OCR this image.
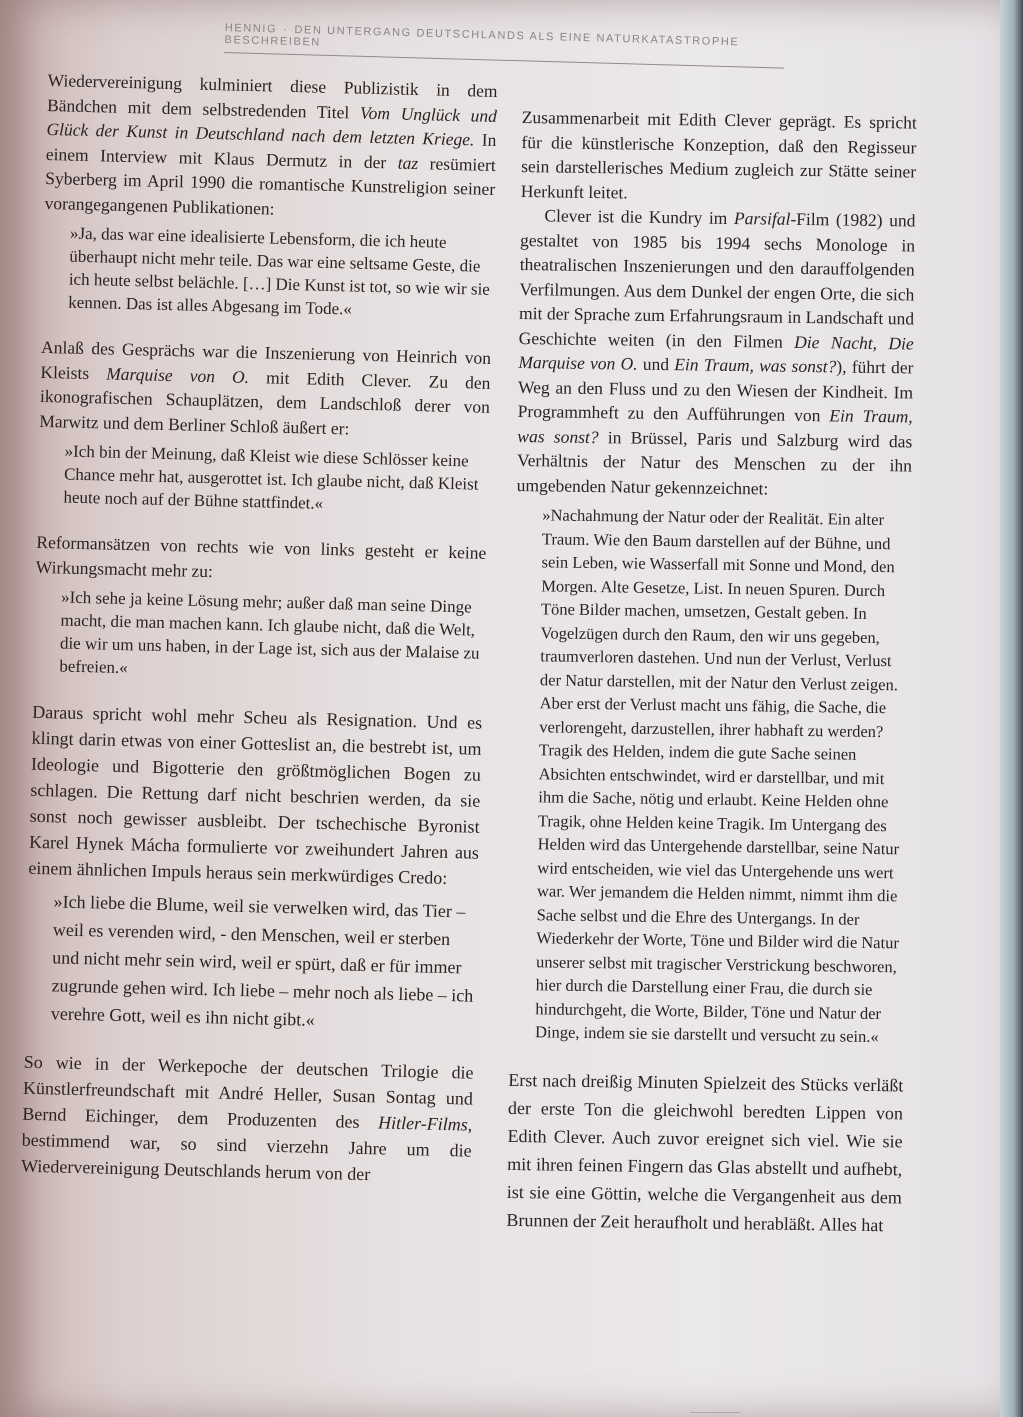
HENNIG · DEN UNTERGANG DEUTSCHLANDS ALS EINE NATURKATASTROPHE BESCHREIBEN

Wiedervereinigung kulminiert diese Publizistik in dem Bändchen mit dem selbstredenden Titel Vom Unglück und Glück der Kunst in Deutschland nach dem letzten Kriege. In einem Interview mit Klaus Dermutz in der taz resümiert Syberberg im April 1990 die romantische Kunstreligion seiner vorangegangenen Publikationen:

»Ja, das war eine idealisierte Lebensform, die ich heute überhaupt nicht mehr teile. Das war eine seltsame Geste, die ich heute selbst belächle. […] Die Kunst ist tot, so wie wir sie kennen. Das ist alles Abgesang im Tode.«

Anlaß des Gesprächs war die Inszenierung von Heinrich von Kleists Marquise von O. mit Edith Clever. Zu den ikonografischen Schauplätzen, dem Landschloß derer von Marwitz und dem Berliner Schloß äußert er:

»Ich bin der Meinung, daß Kleist wie diese Schlösser keine Chance mehr hat, ausgerottet ist. Ich glaube nicht, daß Kleist heute noch auf der Bühne stattfindet.«

Reformansätzen von rechts wie von links gesteht er keine Wirkungsmacht mehr zu:

»Ich sehe ja keine Lösung mehr; außer daß man seine Dinge macht, die man machen kann. Ich glaube nicht, daß die Welt, die wir um uns haben, in der Lage ist, sich aus der Malaise zu befreien.«

Daraus spricht wohl mehr Scheu als Resignation. Und es klingt darin etwas von einer Gotteslist an, die bestrebt ist, um Ideologie und Bigotterie den größtmöglichen Bogen zu schlagen. Die Rettung darf nicht beschrien werden, da sie sonst noch gewisser ausbleibt. Der tschechische Byronist Karel Hynek Mácha formulierte vor zweihundert Jahren aus einem ähnlichen Impuls heraus sein merkwürdiges Credo:

»Ich liebe die Blume, weil sie verwelken wird, das Tier – weil es verenden wird, - den Menschen, weil er sterben und nicht mehr sein wird, weil er spürt, daß er für immer zugrunde gehen wird. Ich liebe – mehr noch als liebe – ich verehre Gott, weil es ihn nicht gibt.«

So wie in der Werkepoche der deutschen Trilogie die Künstlerfreundschaft mit André Heller, Susan Sontag und Bernd Eichinger, dem Produzenten des Hitler-Films, bestimmend war, so sind vierzehn Jahre um die Wiedervereinigung Deutschlands herum von der

Zusammenarbeit mit Edith Clever geprägt. Es spricht für die künstlerische Konzeption, daß den Regisseur sein darstellerisches Medium zugleich zur Stätte seiner Herkunft leitet.

Clever ist die Kundry im Parsifal-Film (1982) und gestaltet von 1985 bis 1994 sechs Monologe in theatralischen Inszenierungen und den darauffolgenden Verfilmungen. Aus dem Dunkel der engen Orte, die sich mit der Sprache zum Erfahrungsraum in Landschaft und Geschichte weiten (in den Filmen Die Nacht, Die Marquise von O. und Ein Traum, was sonst?), führt der Weg an den Fluss und zu den Wiesen der Kindheit. Im Programmheft zu den Aufführungen von Ein Traum, was sonst? in Brüssel, Paris und Salzburg wird das Verhältnis der Natur des Menschen zu der ihn umgebenden Natur gekennzeichnet:

»Nachahmung der Natur oder der Realität. Ein alter Traum. Wie den Baum darstellen auf der Bühne, und sein Leben, wie Wasserfall mit Sonne und Mond, den Morgen. Alte Gesetze, List. In neuen Spuren. Durch Töne Bilder machen, umsetzen, Gestalt geben. In Vogelzügen durch den Raum, den wir uns gegeben, traumverloren dastehen. Und nun der Verlust, Verlust der Natur darstellen, mit der Natur den Verlust zeigen. Aber erst der Verlust macht uns fähig, die Sache, die verlorengeht, darzustellen, ihrer habhaft zu werden? Tragik des Helden, indem die gute Sache seinen Absichten entschwindet, wird er darstellbar, und mit ihm die Sache, nötig und erlaubt. Keine Helden ohne Tragik, ohne Helden keine Tragik. Im Untergang des Helden wird das Untergehende darstellbar, seine Natur wird entscheiden, wie viel das Untergehende uns wert war. Wer jemandem die Helden nimmt, nimmt ihm die Sache selbst und die Ehre des Untergangs. In der Wiederkehr der Worte, Töne und Bilder wird die Natur unserer selbst mit tragischer Verstrickung beschworen, hier durch die Darstellung einer Frau, die durch sie hindurchgeht, die Worte, Bilder, Töne und Natur der Dinge, indem sie sie darstellt und versucht zu sein.«

Erst nach dreißig Minuten Spielzeit des Stücks verläßt der erste Ton die gleichwohl beredten Lippen von Edith Clever. Auch zuvor ereignet sich viel. Wie sie mit ihren feinen Fingern das Glas abstellt und aufhebt, ist sie eine Göttin, welche die Vergangenheit aus dem Brunnen der Zeit heraufholt und herabläßt. Alles hat
